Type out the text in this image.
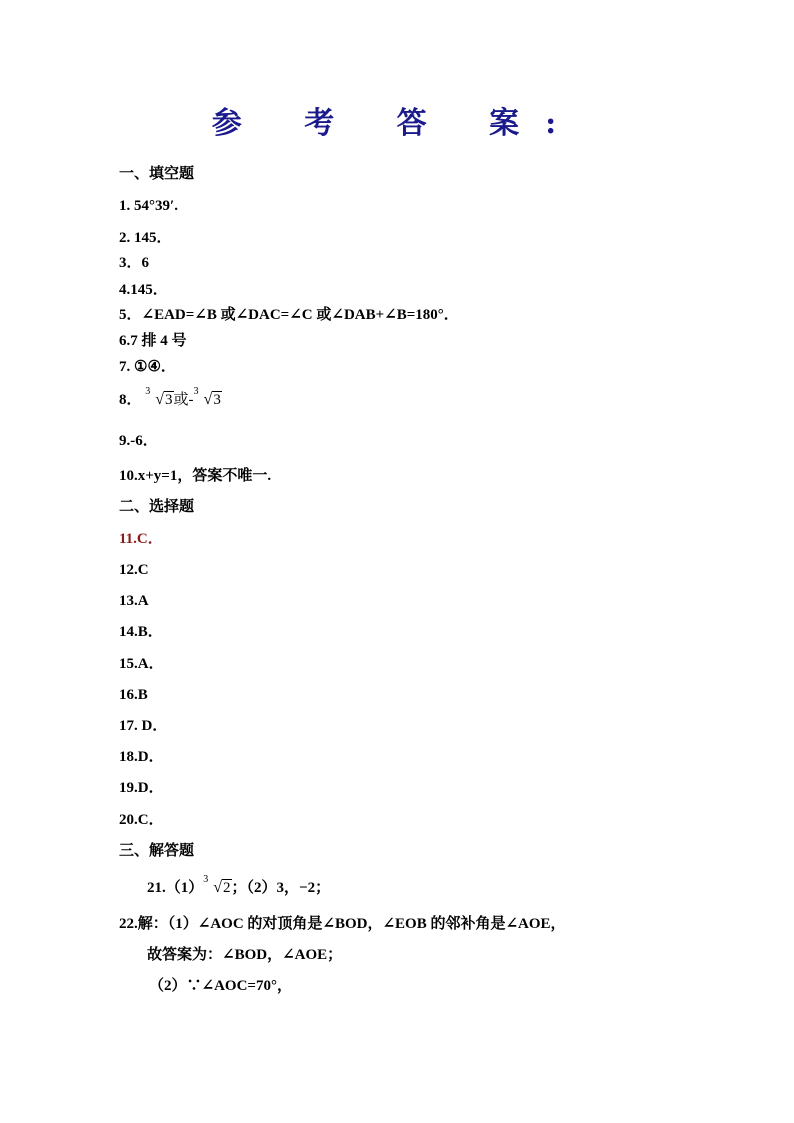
参 考 答 案:
一、填空题
1. 54°39′.
2. 145．
3．6
4.145．
5．∠EAD=∠B 或∠DAC=∠C 或∠DAB+∠B=180°．
6.7 排 4 号
7. ①④．
8．
3 √3或-
3 √3
9.-6．
10.x+y=1，答案不唯一.
二、选择题
11.C．
12.C
13.A
14.B．
15.A．
16.B
17. D．
18.D．
19.D．
20.C．
三、解答题
21.（1）
3 √2；（2）3，−2；
22.解：（1）∠AOC 的对顶角是∠BOD，∠EOB 的邻补角是∠AOE，
故答案为：∠BOD，∠AOE；
（2）∵∠AOC=70°，
